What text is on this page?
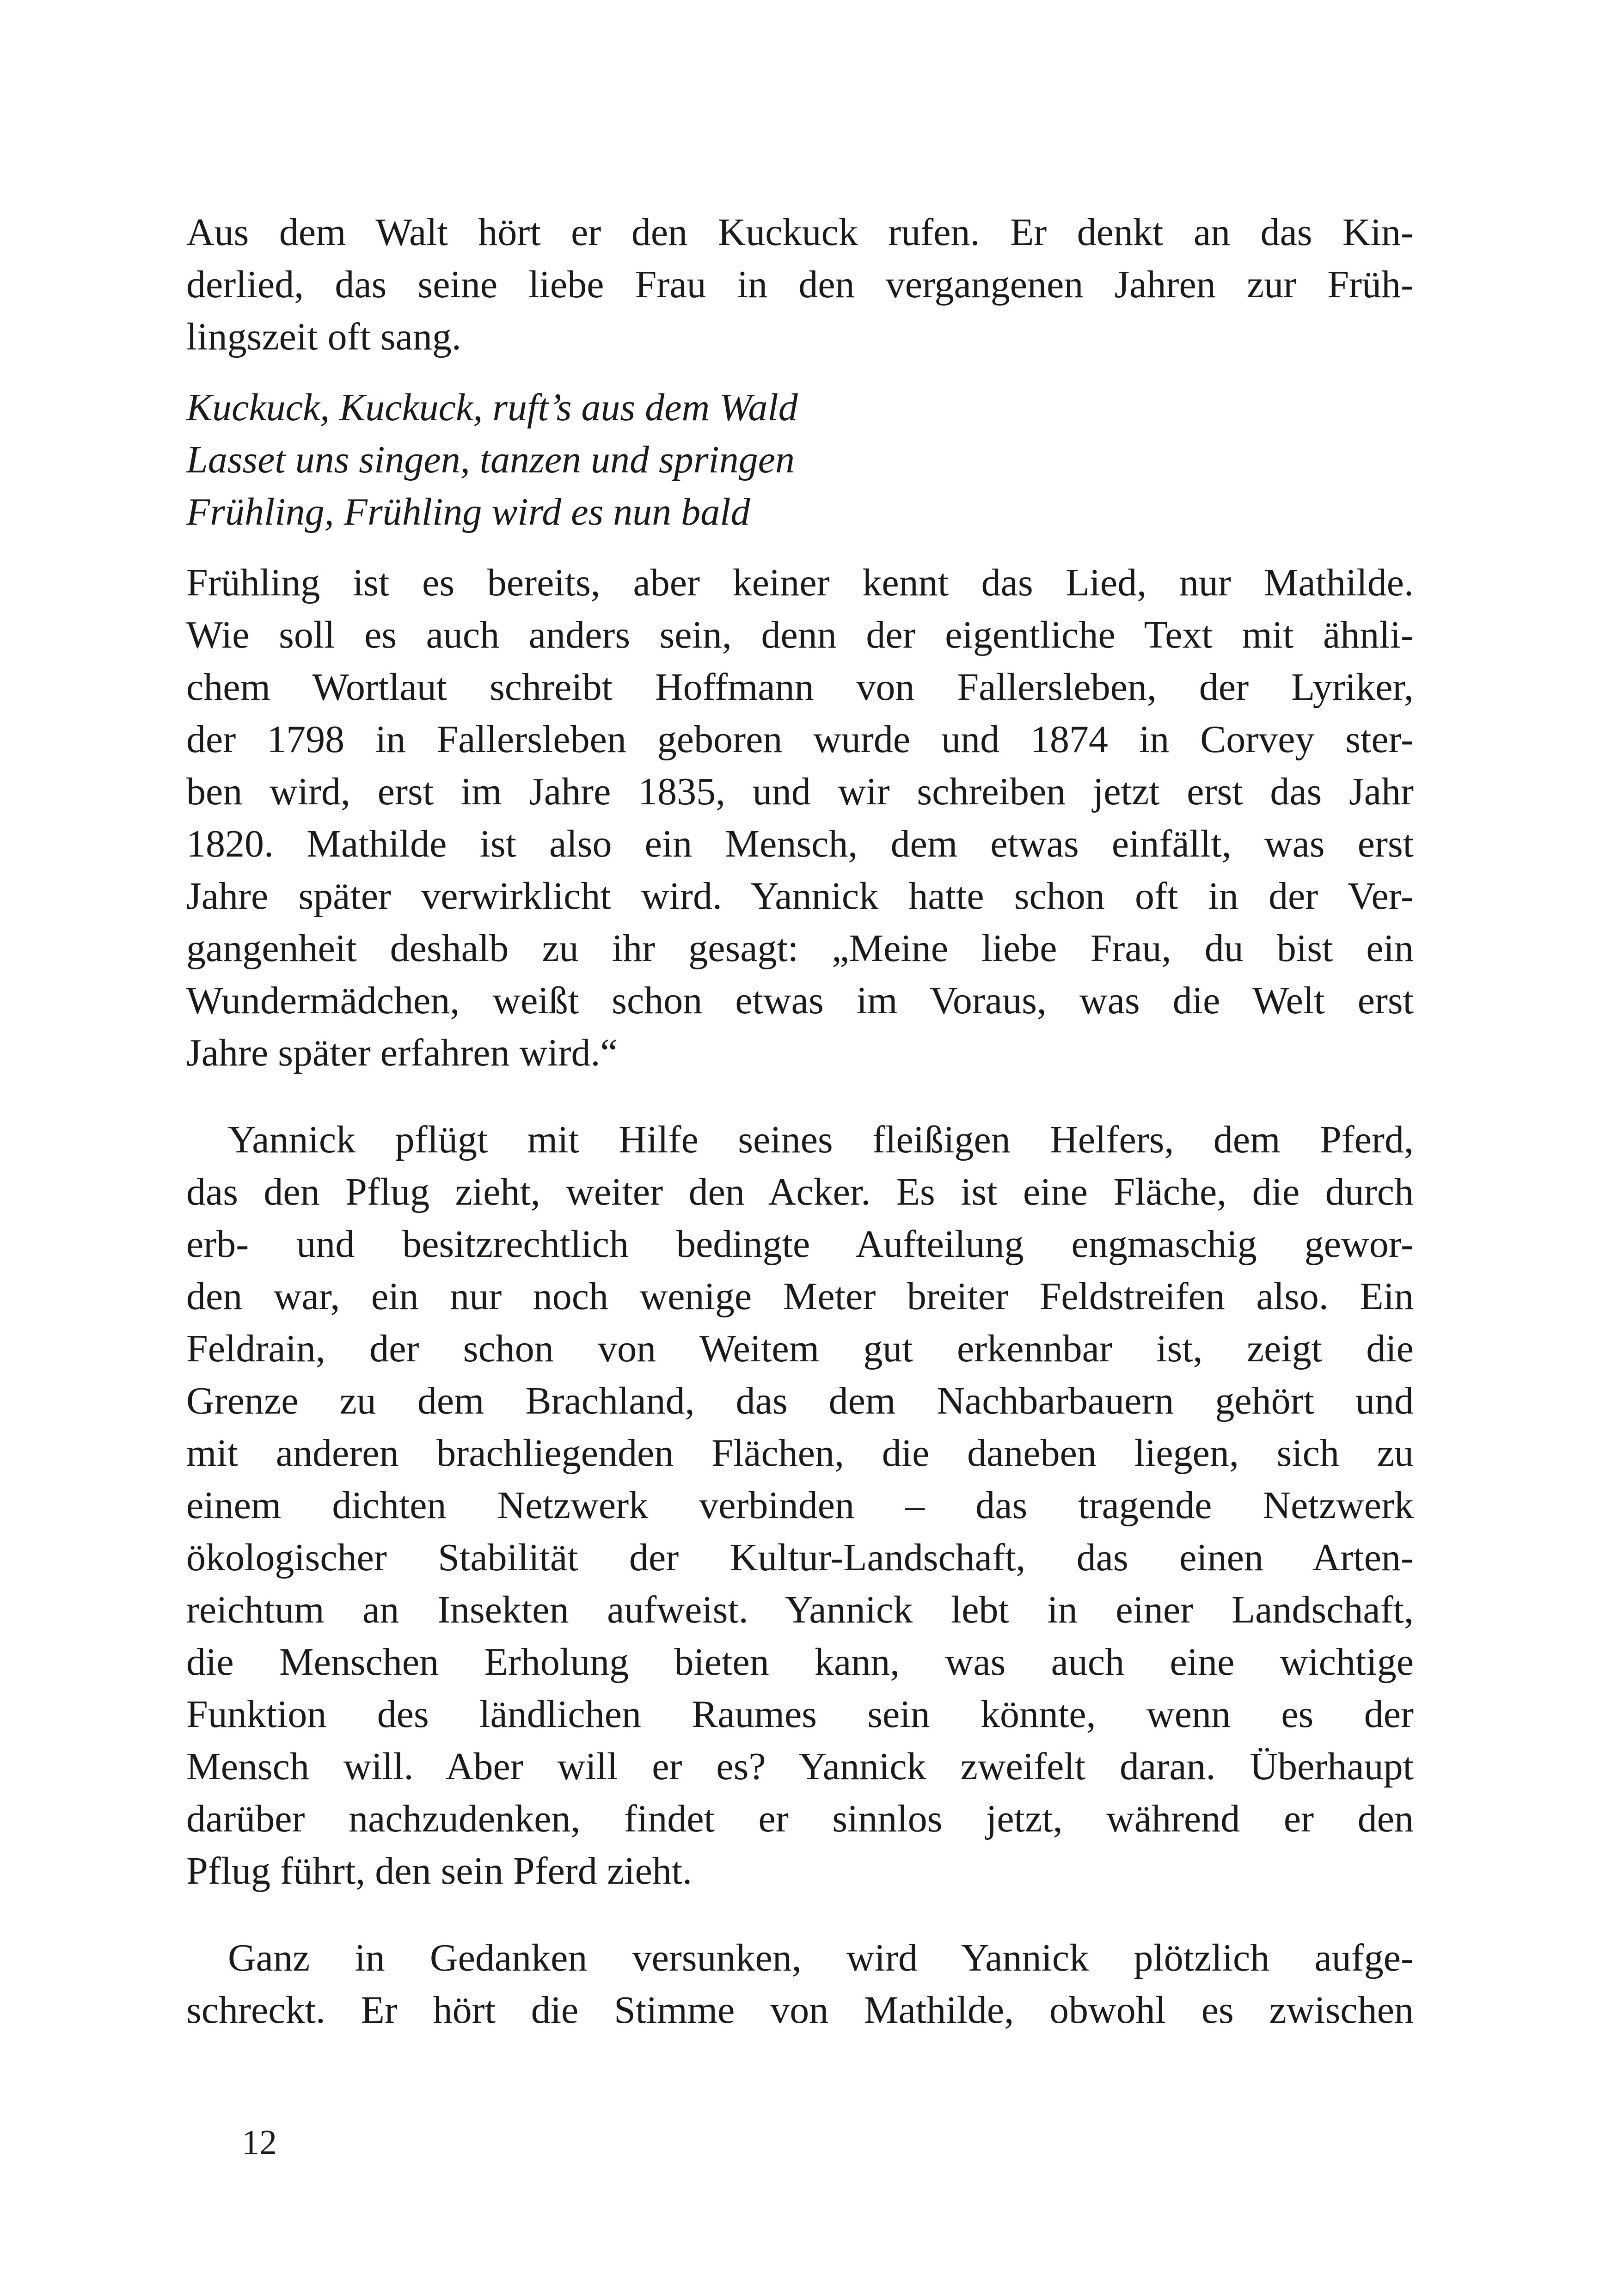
Aus dem Walt hört er den Kuckuck rufen. Er denkt an das Kin-
derlied, das seine liebe Frau in den vergangenen Jahren zur Früh-
lingszeit oft sang.

Kuckuck, Kuckuck, ruft’s aus dem Wald
Lasset uns singen, tanzen und springen
Frühling, Frühling wird es nun bald

Frühling ist es bereits, aber keiner kennt das Lied, nur Mathilde.
Wie soll es auch anders sein, denn der eigentliche Text mit ähnli-
chem Wortlaut schreibt Hoffmann von Fallersleben, der Lyriker,
der 1798 in Fallersleben geboren wurde und 1874 in Corvey ster-
ben wird, erst im Jahre 1835, und wir schreiben jetzt erst das Jahr
1820. Mathilde ist also ein Mensch, dem etwas einfällt, was erst
Jahre später verwirklicht wird. Yannick hatte schon oft in der Ver-
gangenheit deshalb zu ihr gesagt: „Meine liebe Frau, du bist ein
Wundermädchen, weißt schon etwas im Voraus, was die Welt erst
Jahre später erfahren wird.“

Yannick pflügt mit Hilfe seines fleißigen Helfers, dem Pferd,
das den Pflug zieht, weiter den Acker. Es ist eine Fläche, die durch
erb- und besitzrechtlich bedingte Aufteilung engmaschig gewor-
den war, ein nur noch wenige Meter breiter Feldstreifen also. Ein
Feldrain, der schon von Weitem gut erkennbar ist, zeigt die
Grenze zu dem Brachland, das dem Nachbarbauern gehört und
mit anderen brachliegenden Flächen, die daneben liegen, sich zu
einem dichten Netzwerk verbinden – das tragende Netzwerk
ökologischer Stabilität der Kultur-Landschaft, das einen Arten-
reichtum an Insekten aufweist. Yannick lebt in einer Landschaft,
die Menschen Erholung bieten kann, was auch eine wichtige
Funktion des ländlichen Raumes sein könnte, wenn es der
Mensch will. Aber will er es? Yannick zweifelt daran. Überhaupt
darüber nachzudenken, findet er sinnlos jetzt, während er den
Pflug führt, den sein Pferd zieht.

Ganz in Gedanken versunken, wird Yannick plötzlich aufge-
schreckt. Er hört die Stimme von Mathilde, obwohl es zwischen

12
